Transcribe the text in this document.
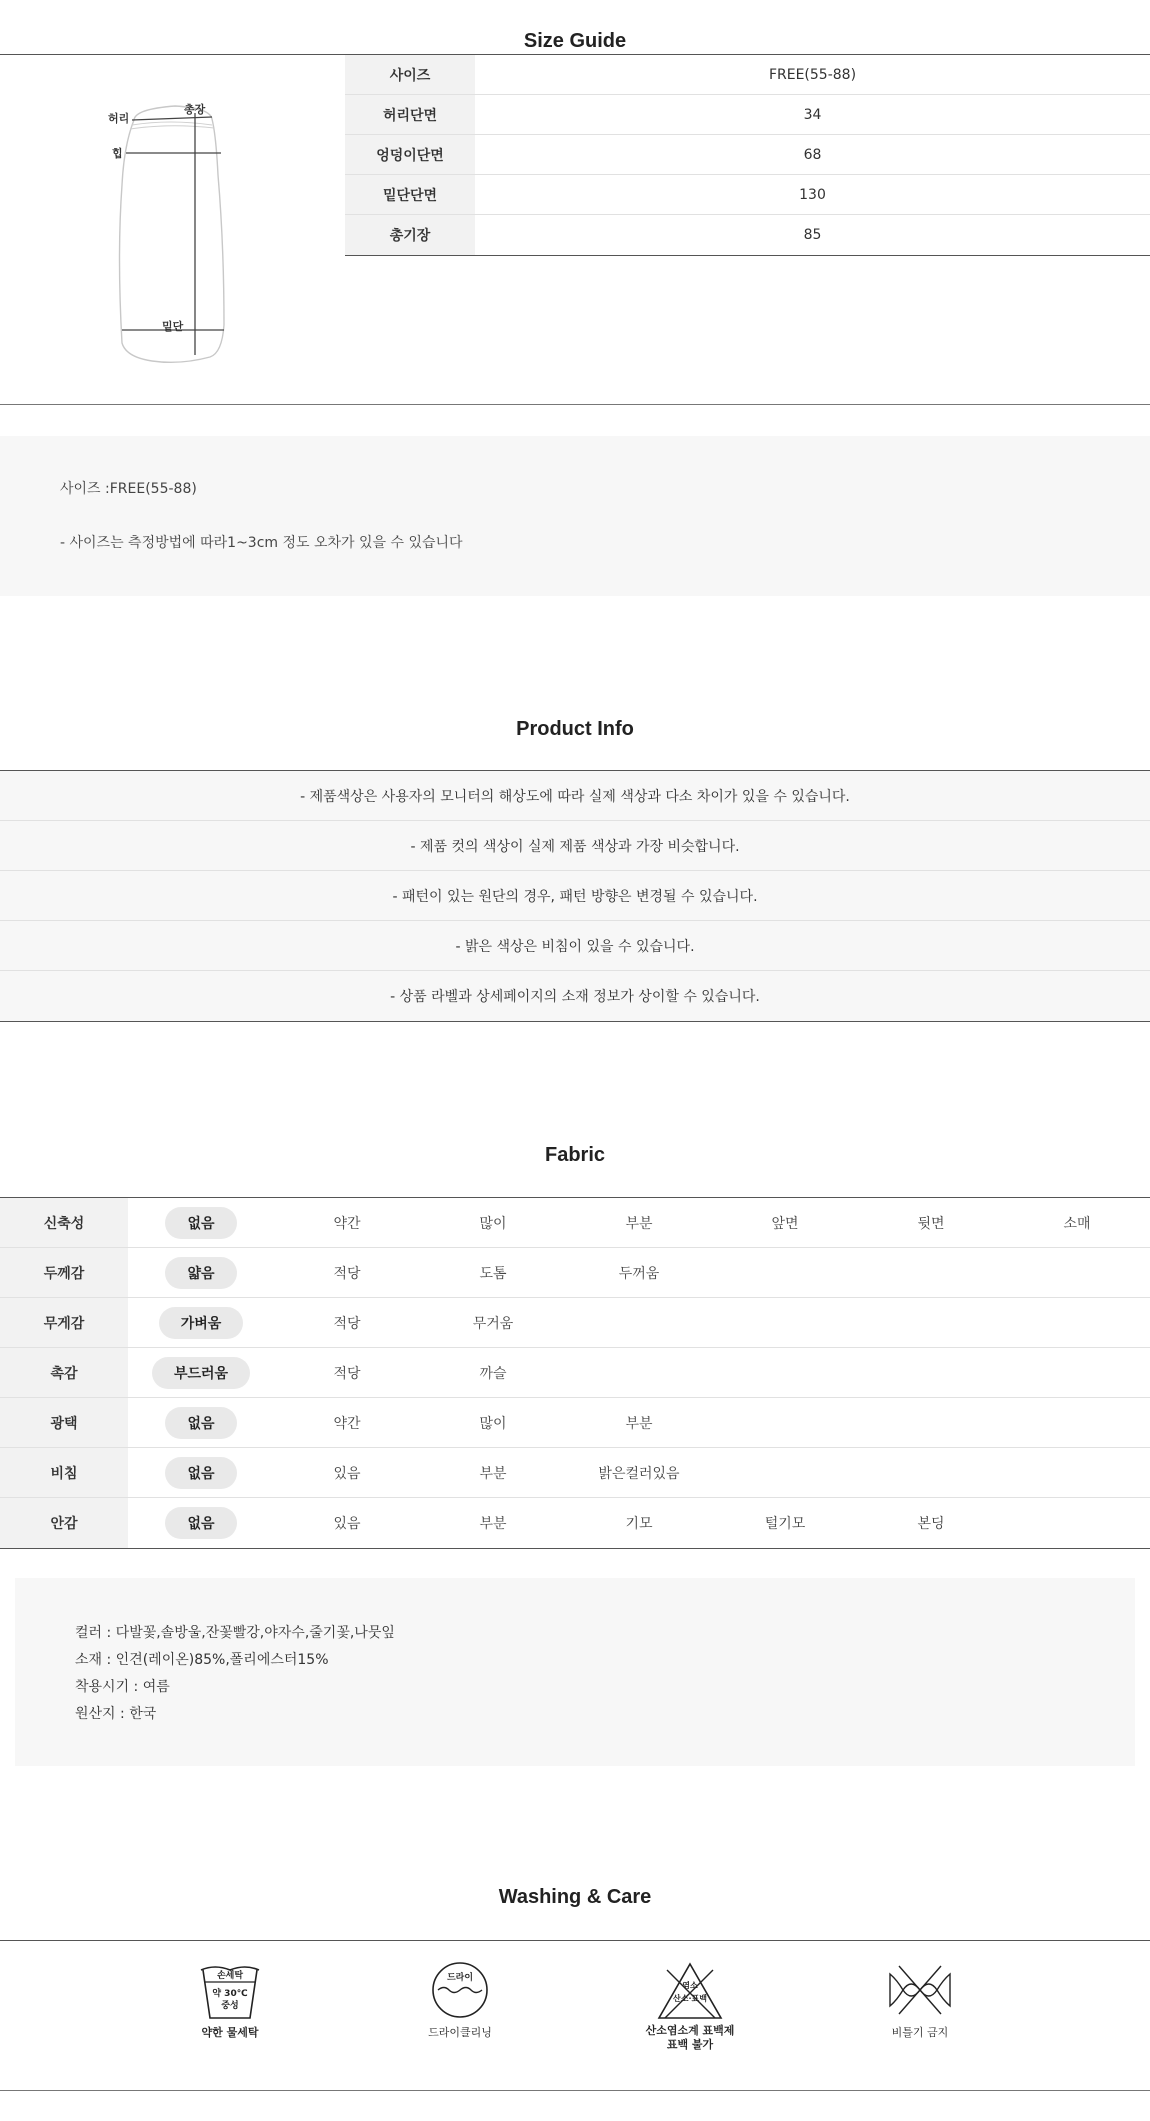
Size Guide
허리
총장
힙
밑단
사이즈	FREE(55-88)
허리단면	34
엉덩이단면	68
밑단단면	130
총기장	85
사이즈 :FREE(55-88)
- 사이즈는 측정방법에 따라1~3cm 정도 오차가 있을 수 있습니다
Product Info
- 제품색상은 사용자의 모니터의 해상도에 따라 실제 색상과 다소 차이가 있을 수 있습니다.
- 제품 컷의 색상이 실제 제품 색상과 가장 비슷합니다.
- 패턴이 있는 원단의 경우, 패턴 방향은 변경될 수 있습니다.
- 밝은 색상은 비침이 있을 수 있습니다.
- 상품 라벨과 상세페이지의 소재 정보가 상이할 수 있습니다.
Fabric
신축성	없음	약간	많이	부분	앞면	뒷면	소매
두께감	얇음	적당	도톰	두꺼움
무게감	가벼움	적당	무거움
촉감	부드러움	적당	까슬
광택	없음	약간	많이	부분
비침	없음	있음	부분	밝은컬러있음
안감	없음	있음	부분	기모	털기모	본딩
컬러 : 다발꽃,솔방울,잔꽃빨강,야자수,줄기꽃,나뭇잎
소재 : 인견(레이온)85%,폴리에스터15%
착용시기 : 여름
원산지 : 한국
Washing & Care
손세탁
약 30℃
중성
약한 물세탁
드라이
드라이클리닝
염소
산소·표백
산소염소계 표백제
표백 불가
비틀기 금지
